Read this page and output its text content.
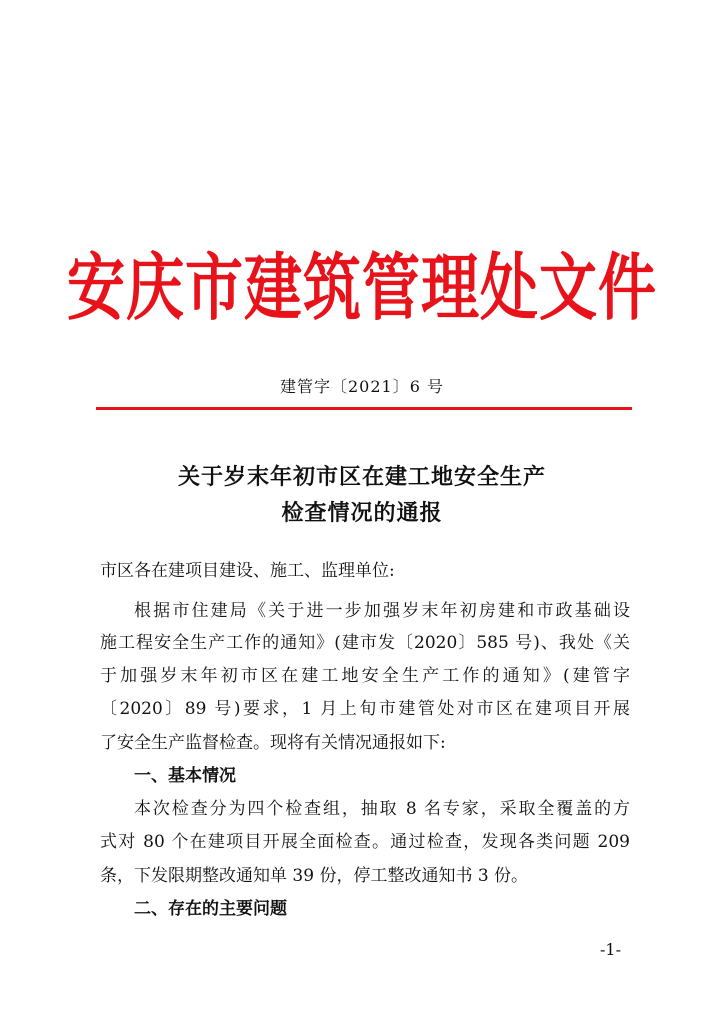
安庆市建筑管理处文件
建管字〔2021〕6 号
关于岁末年初市区在建工地安全生产
检查情况的通报
市区各在建项目建设、施工、监理单位:
根据市住建局《关于进一步加强岁末年初房建和市政基础设
施工程安全生产工作的通知》(建市发〔2020〕585 号)、我处《关
于加强岁末年初市区在建工地安全生产工作的通知》(建管字
〔2020〕89 号)要求，1 月上旬市建管处对市区在建项目开展
了安全生产监督检查。现将有关情况通报如下:
一、基本情况
本次检查分为四个检查组，抽取 8 名专家，采取全覆盖的方
式对 80 个在建项目开展全面检查。通过检查，发现各类问题 209
条，下发限期整改通知单 39 份，停工整改通知书 3 份。
二、存在的主要问题
-1-
